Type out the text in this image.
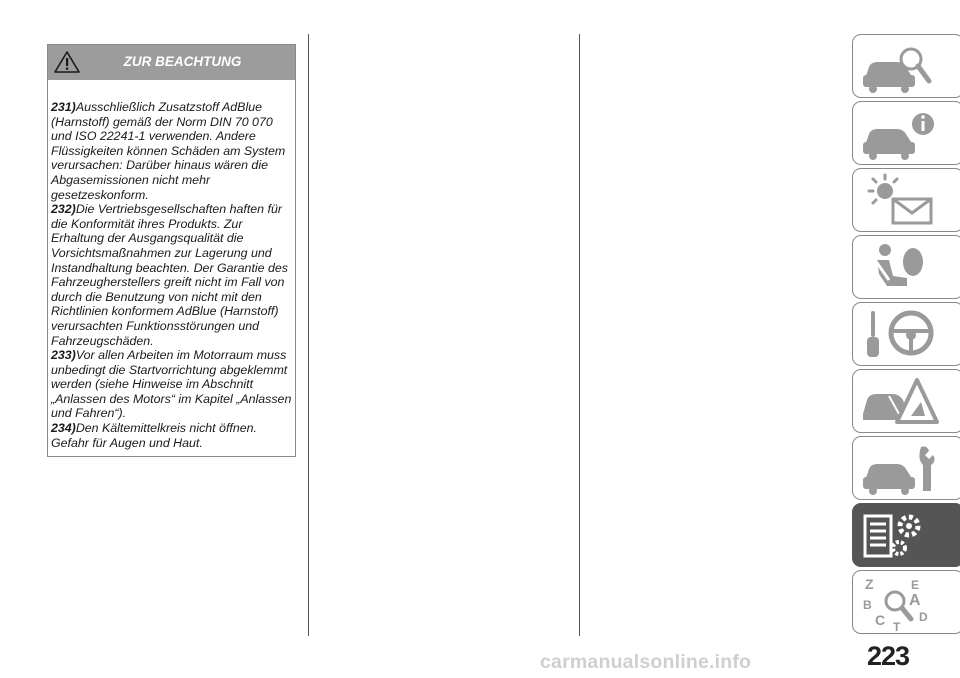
ZUR BEACHTUNG
231)Ausschließlich Zusatzstoff AdBlue (Harnstoff) gemäß der Norm DIN 70 070 und ISO 22241-1 verwenden. Andere Flüssigkeiten können Schäden am System verursachen: Darüber hinaus wären die Abgasemissionen nicht mehr gesetzeskonform.
232)Die Vertriebsgesellschaften haften für die Konformität ihres Produkts. Zur Erhaltung der Ausgangsqualität die Vorsichtsmaßnahmen zur Lagerung und Instandhaltung beachten. Der Garantie des Fahrzeugherstellers greift nicht im Fall von durch die Benutzung von nicht mit den Richtlinien konformem AdBlue (Harnstoff) verursachten Funktionsstörungen und Fahrzeugschäden.
233)Vor allen Arbeiten im Motorraum muss unbedingt die Startvorrichtung abgeklemmt werden (siehe Hinweise im Abschnitt „Anlassen des Motors“ im Kapitel „Anlassen und Fahren“).
234)Den Kältemittelkreis nicht öffnen. Gefahr für Augen und Haut.
Z	E
B A
C	D
T
223
carmanualsonline.info
